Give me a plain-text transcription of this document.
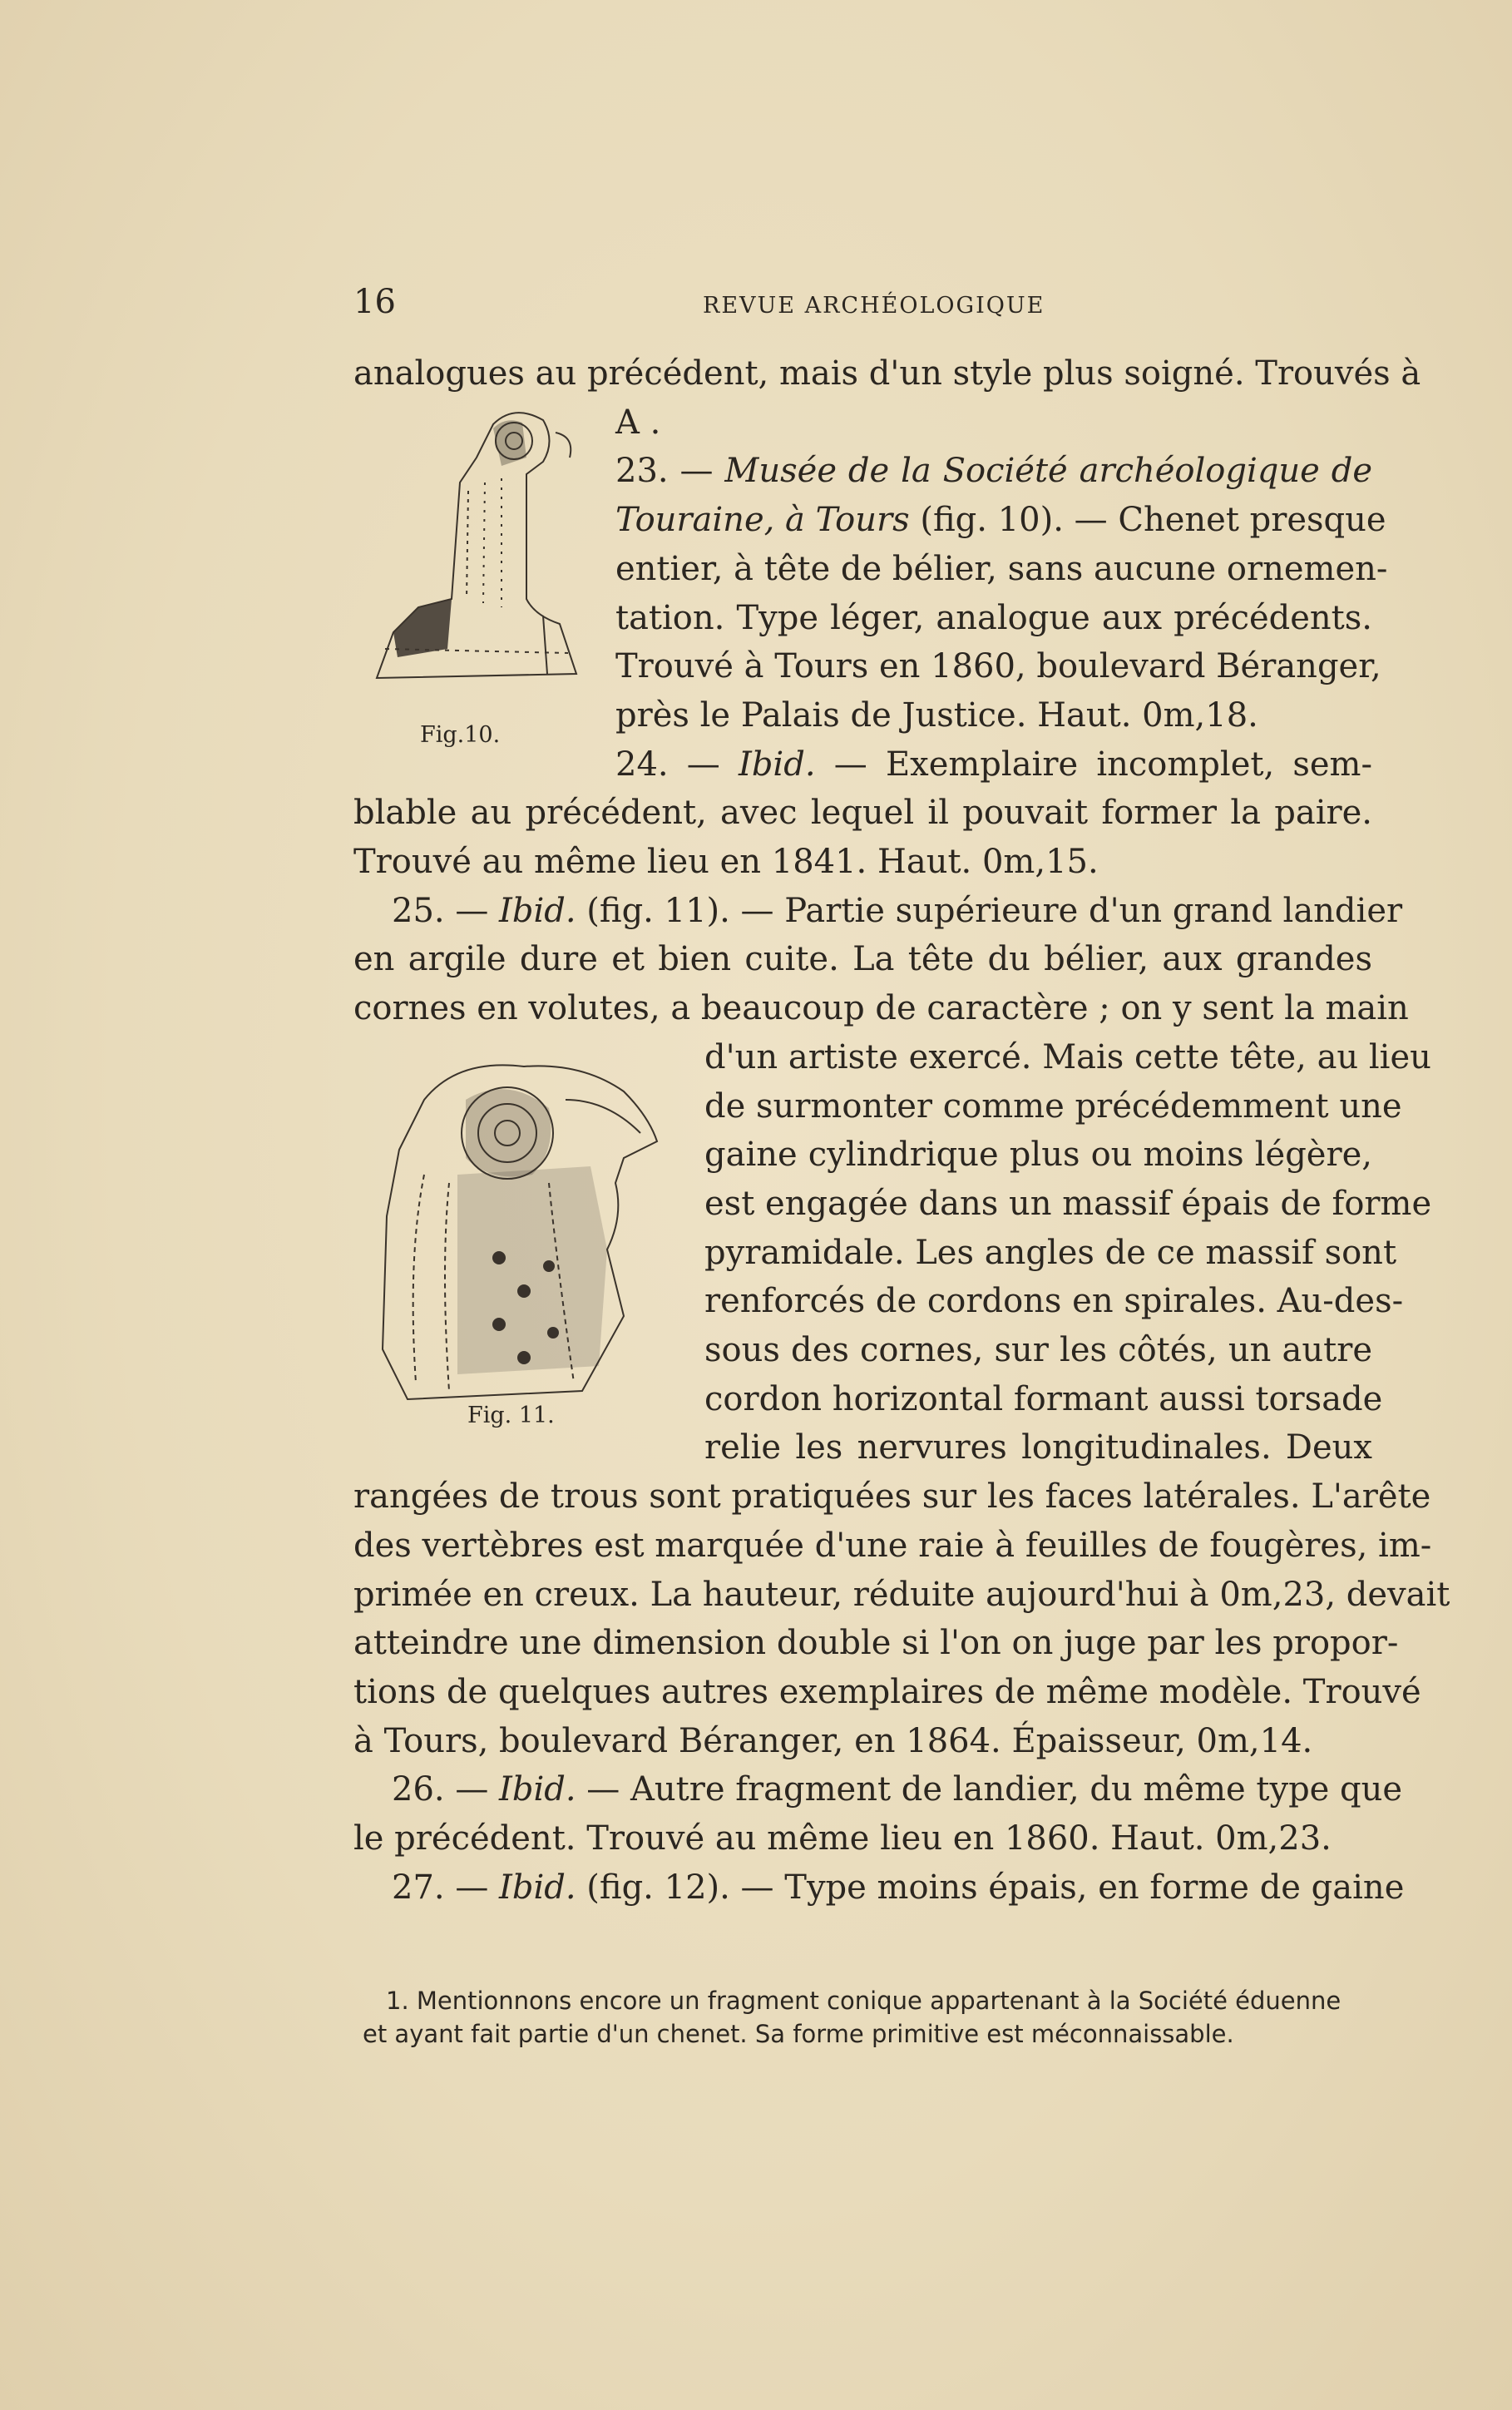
16	REVUE ARCHÉOLOGIQUE
Fig.10.
Fig. 11.
analogues au précédent, mais d'un style plus soigné. Trouvés à
A .
23. — Musée de la Société archéologique de
Touraine, à Tours (fig. 10). — Chenet presque
entier, à tête de bélier, sans aucune ornemen-
tation. Type léger, analogue aux précédents.
Trouvé à Tours en 1860, boulevard Béranger,
près le Palais de Justice. Haut. 0m,18.
24. — Ibid. — Exemplaire incomplet, sem-
blable au précédent, avec lequel il pouvait former la paire.
Trouvé au même lieu en 1841. Haut. 0m,15.
25. — Ibid. (fig. 11). — Partie supérieure d'un grand landier
en argile dure et bien cuite. La tête du bélier, aux grandes
cornes en volutes, a beaucoup de caractère ; on y sent la main
d'un artiste exercé. Mais cette tête, au lieu
de surmonter comme précédemment une
gaine cylindrique plus ou moins légère,
est engagée dans un massif épais de forme
pyramidale. Les angles de ce massif sont
renforcés de cordons en spirales. Au-des-
sous des cornes, sur les côtés, un autre
cordon horizontal formant aussi torsade
relie les nervures longitudinales. Deux
rangées de trous sont pratiquées sur les faces latérales. L'arête
des vertèbres est marquée d'une raie à feuilles de fougères, im-
primée en creux. La hauteur, réduite aujourd'hui à 0m,23, devait
atteindre une dimension double si l'on on juge par les propor-
tions de quelques autres exemplaires de même modèle. Trouvé
à Tours, boulevard Béranger, en 1864. Épaisseur, 0m,14.
26. — Ibid. — Autre fragment de landier, du même type que
le précédent. Trouvé au même lieu en 1860. Haut. 0m,23.
27. — Ibid. (fig. 12). — Type moins épais, en forme de gaine
1. Mentionnons encore un fragment conique appartenant à la Société éduenne
et ayant fait partie d'un chenet. Sa forme primitive est méconnaissable.
